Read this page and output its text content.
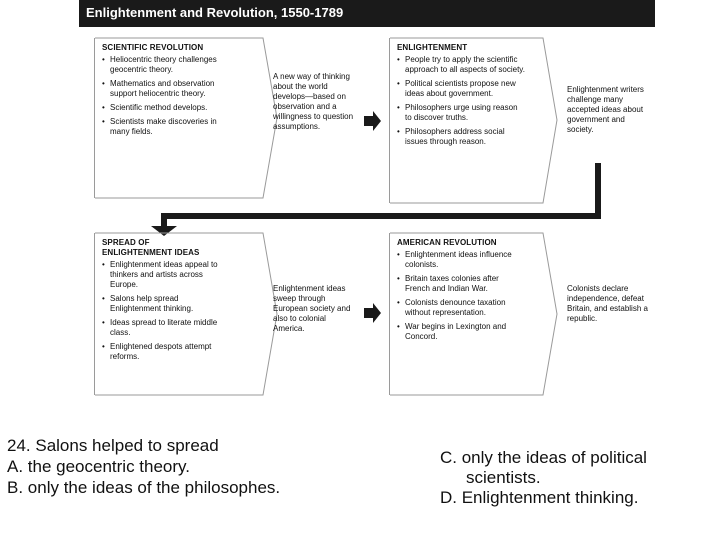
Enlightenment and Revolution, 1550-1789
SCIENTIFIC REVOLUTION
• Heliocentric theory challenges geocentric theory.
• Mathematics and observation support heliocentric theory.
• Scientific method develops.
• Scientists make discoveries in many fields.
A new way of thinking about the world develops—based on observation and a willingness to question assumptions.
ENLIGHTENMENT
• People try to apply the scientific approach to all aspects of society.
• Political scientists propose new ideas about government.
• Philosophers urge using reason to discover truths.
• Philosophers address social issues through reason.
Enlightenment writers challenge many accepted ideas about government and society.
SPREAD OF
ENLIGHTENMENT IDEAS
• Enlightenment ideas appeal to thinkers and artists across Europe.
• Salons help spread Enlightenment thinking.
• Ideas spread to literate middle class.
• Enlightened despots attempt reforms.
Enlightenment ideas sweep through European society and also to colonial America.
AMERICAN REVOLUTION
• Enlightenment ideas influence colonists.
• Britain taxes colonies after French and Indian War.
• Colonists denounce taxation without representation.
• War begins in Lexington and Concord.
Colonists declare independence, defeat Britain, and establish a republic.
24. Salons helped to spread
A. the geocentric theory.
B. only the ideas of the philosophes.
C. only the ideas of political
scientists.
D. Enlightenment thinking.
